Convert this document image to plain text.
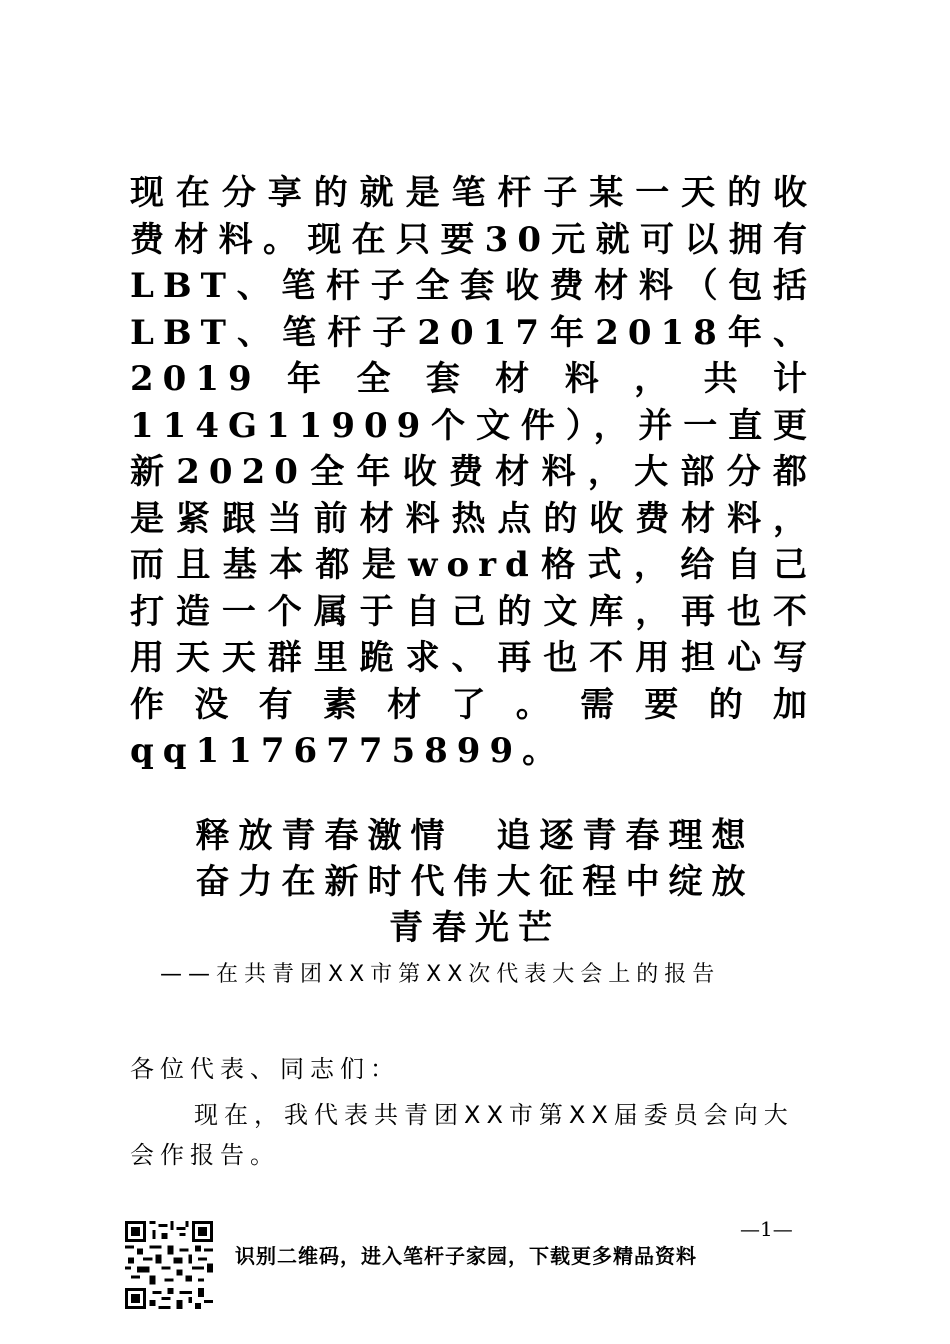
现在分享的就是笔杆子某一天的收费材料。现在只要30元就可以拥有LBT、笔杆子全套收费材料（包括LBT、笔杆子2017年2018年、2019年全套材料，共计114G11909个文件），并一直更新2020全年收费材料，大部分都是紧跟当前材料热点的收费材料，而且基本都是word格式，给自己打造一个属于自己的文库，再也不用天天群里跪求、再也不用担心写作没有素材了。需要的加qq1176775899。

释放青春激情　追逐青春理想
奋力在新时代伟大征程中绽放
青春光芒

——在共青团XX市第XX次代表大会上的报告

各位代表、同志们：

现在，我代表共青团XX市第XX届委员会向大会作报告。

—1—
识别二维码，进入笔杆子家园，下载更多精品资料
